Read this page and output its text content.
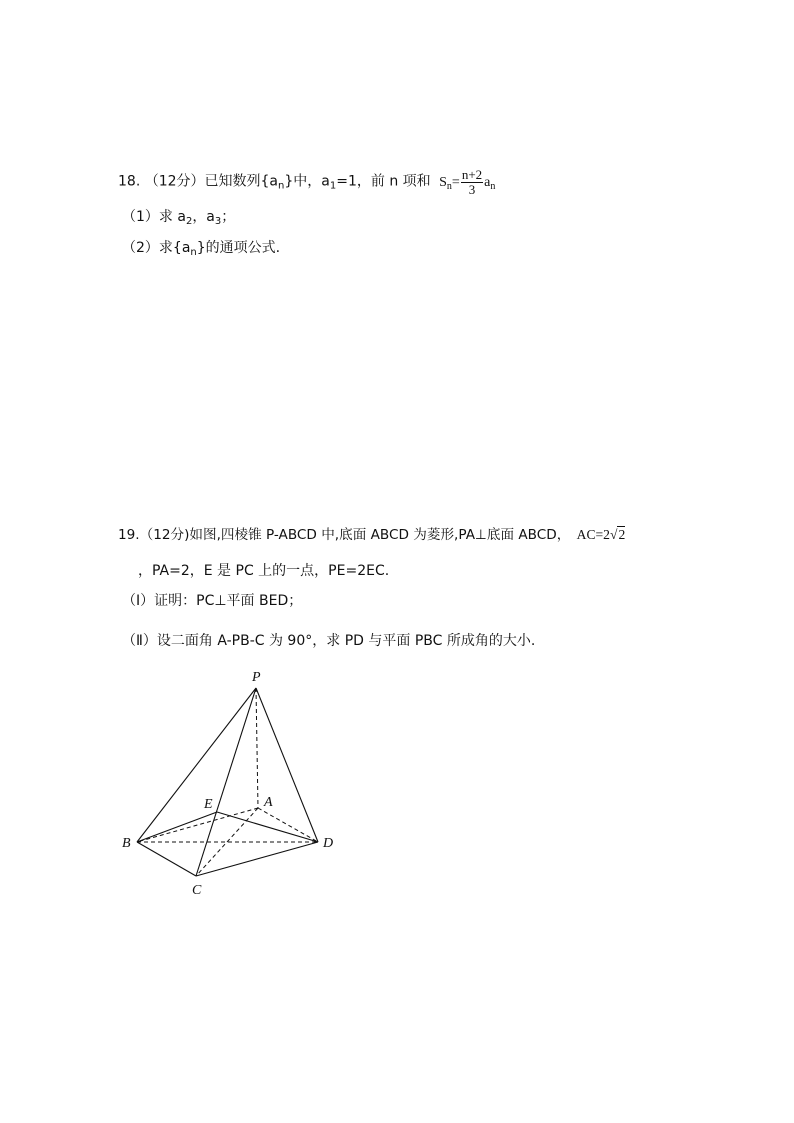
18. （12分）已知数列$\{a_n\}$中，$a_1=1$，前 n 项和 $S_n= \frac{n+2}{3} a_n$
（1）求 $a_2$，$a_3$；
（2）求$\{a_n\}$的通项公式.
19.（12分)如图,四棱锥 P-ABCD 中,底面 ABCD 为菱形,PA⊥底面 ABCD， AC=2√2
，PA=2，E 是 PC 上的一点，PE=2EC.
（Ⅰ）证明：PC⊥平面 BED；
（Ⅱ）设二面角 A-PB-C 为 90°，求 PD 与平面 PBC 所成角的大小.
P
A
E
B	D
C
